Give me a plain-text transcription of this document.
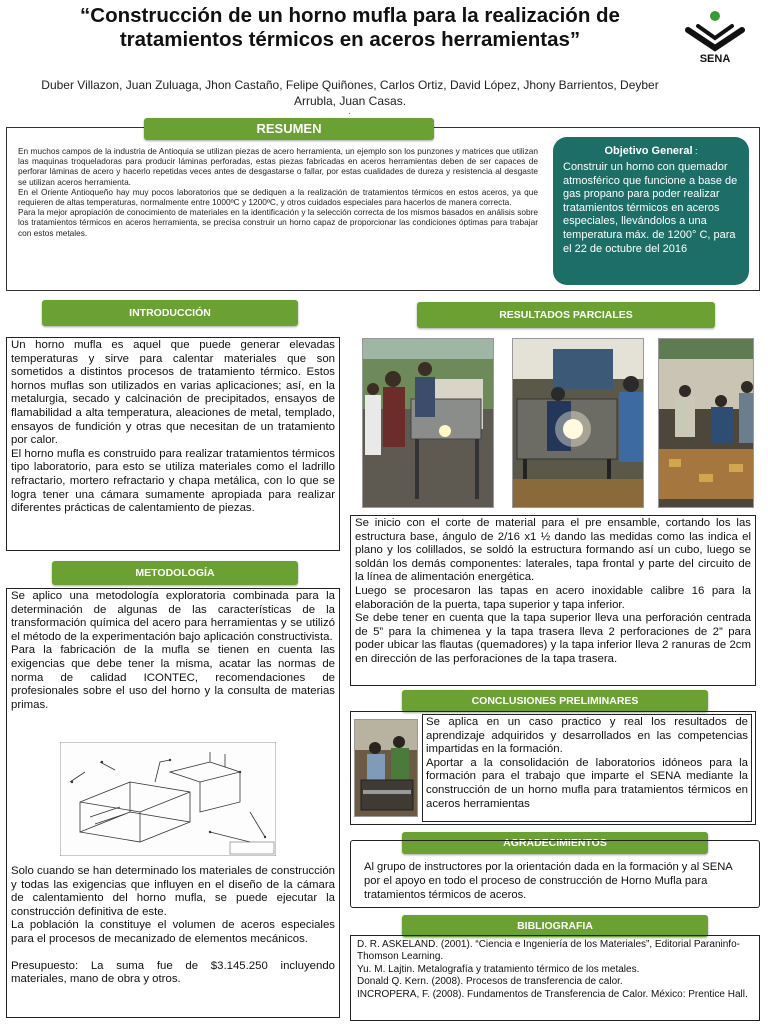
“Construcción de un horno mufla para la realización de tratamientos térmicos en aceros herramientas”
SENA
Duber Villazon, Juan Zuluaga, Jhon Castaño, Felipe Quiñones, Carlos Ortiz, David López, Jhony Barrientos, Deyber Arrubla, Juan Casas.
.
RESUMEN

En muchos campos de la industria de Antioquia se utilizan piezas de acero herramienta, un ejemplo son los punzones y matrices que utilizan las maquinas troqueladoras para producir láminas perforadas, estas piezas fabricadas en aceros herramientas deben de ser capaces de perforar láminas de acero y hacerlo repetidas veces antes de desgastarse o fallar, por estas cualidades de dureza y resistencia al desgaste se utilizan aceros herramienta.

En el Oriente Antioqueño hay muy pocos laboratorios que se dediquen a la realización de tratamientos térmicos en estos aceros, ya que requieren de altas temperaturas, normalmente entre 1000ºC y 1200ºC, y otros cuidados especiales para hacerlos de manera correcta.

Para la mejor apropiación de conocimiento de materiales en la identificación y la selección correcta de los mismos basados en análisis sobre los tratamientos térmicos en aceros herramienta, se precisa construir un horno capaz de proporcionar las condiciones óptimas para trabajar con estos metales.

Objetivo General :
Construir un horno con quemador atmosférico que funcione a base de gas propano para poder realizar tratamientos térmicos en aceros especiales, llevándolos a una temperatura máx. de 1200° C, para el 22 de octubre del 2016
INTRODUCCIÓN

Un horno mufla es aquel que puede generar elevadas temperaturas y sirve para calentar materiales que son sometidos a distintos procesos de tratamiento térmico. Estos hornos muflas son utilizados en varias aplicaciones; así, en la metalurgia, secado y calcinación de precipitados, ensayos de flamabilidad a alta temperatura, aleaciones de metal, templado, ensayos de fundición y otras que necesitan de un tratamiento por calor.

El horno mufla es construido para realizar tratamientos térmicos tipo laboratorio, para esto se utiliza materiales como el ladrillo refractario, mortero refractario y chapa metálica, con lo que se logra tener una cámara sumamente apropiada para realizar diferentes prácticas de calentamiento de piezas.

METODOLOGÍA

Se aplico una metodología exploratoria combinada para la determinación de algunas de las características de la transformación química del acero para herramientas y se utilizó el método de la experimentación bajo aplicación constructivista.

Para la fabricación de la mufla se tienen en cuenta las exigencias que debe tener la misma, acatar las normas de norma de calidad ICONTEC, recomendaciones de profesionales sobre el uso del horno y la consulta de materias primas.

Solo cuando se han determinado los materiales de construcción y todas las exigencias que influyen en el diseño de la cámara de calentamiento del horno mufla, se puede ejecutar la construcción definitiva de este.

La población la constituye el volumen de aceros especiales para el procesos de mecanizado de elementos mecánicos.

Presupuesto: La suma fue de $3.145.250 incluyendo materiales, mano de obra y otros.

RESULTADOS PARCIALES

Se inicio con el corte de material para el pre ensamble, cortando los las estructura base, ángulo de 2/16 x1 ½ dando las medidas como las indica el plano y los colillados, se soldó la estructura formando así un cubo, luego se soldán los demás componentes: laterales, tapa frontal y parte del circuito de la línea de alimentación energética.

Luego se procesaron las tapas en acero inoxidable calibre 16 para la elaboración de la puerta, tapa superior y tapa inferior.

Se debe tener en cuenta que la tapa superior lleva una perforación centrada de 5” para la chimenea y la tapa trasera lleva 2 perforaciones de 2” para poder ubicar las flautas (quemadores) y la tapa inferior lleva 2 ranuras de 2cm en dirección de las perforaciones de la tapa trasera.

CONCLUSIONES PRELIMINARES

Se aplica en un caso practico y real los resultados de aprendizaje adquiridos y desarrollados en las competencias impartidas en la formación.

Aportar a la consolidación de laboratorios idóneos para la formación para el trabajo que imparte el SENA mediante la construcción de un horno mufla para tratamientos térmicos en aceros herramientas

AGRADECIMIENTOS
Al grupo de instructores por la orientación dada en la formación y al SENA por el apoyo en todo el proceso de construcción de Horno Mufla para tratamientos térmicos de aceros.
BIBLIOGRAFIA
D. R. ASKELAND. (2001). “Ciencia e Ingeniería de los Materiales”, Editorial Paraninfo- Thomson Learning.
Yu. M. Lajtin. Metalografía y tratamiento térmico de los metales.
Donald Q. Kern. (2008). Procesos de transferencia de calor.
INCROPERA, F. (2008). Fundamentos de Transferencia de Calor. México: Prentice Hall.
